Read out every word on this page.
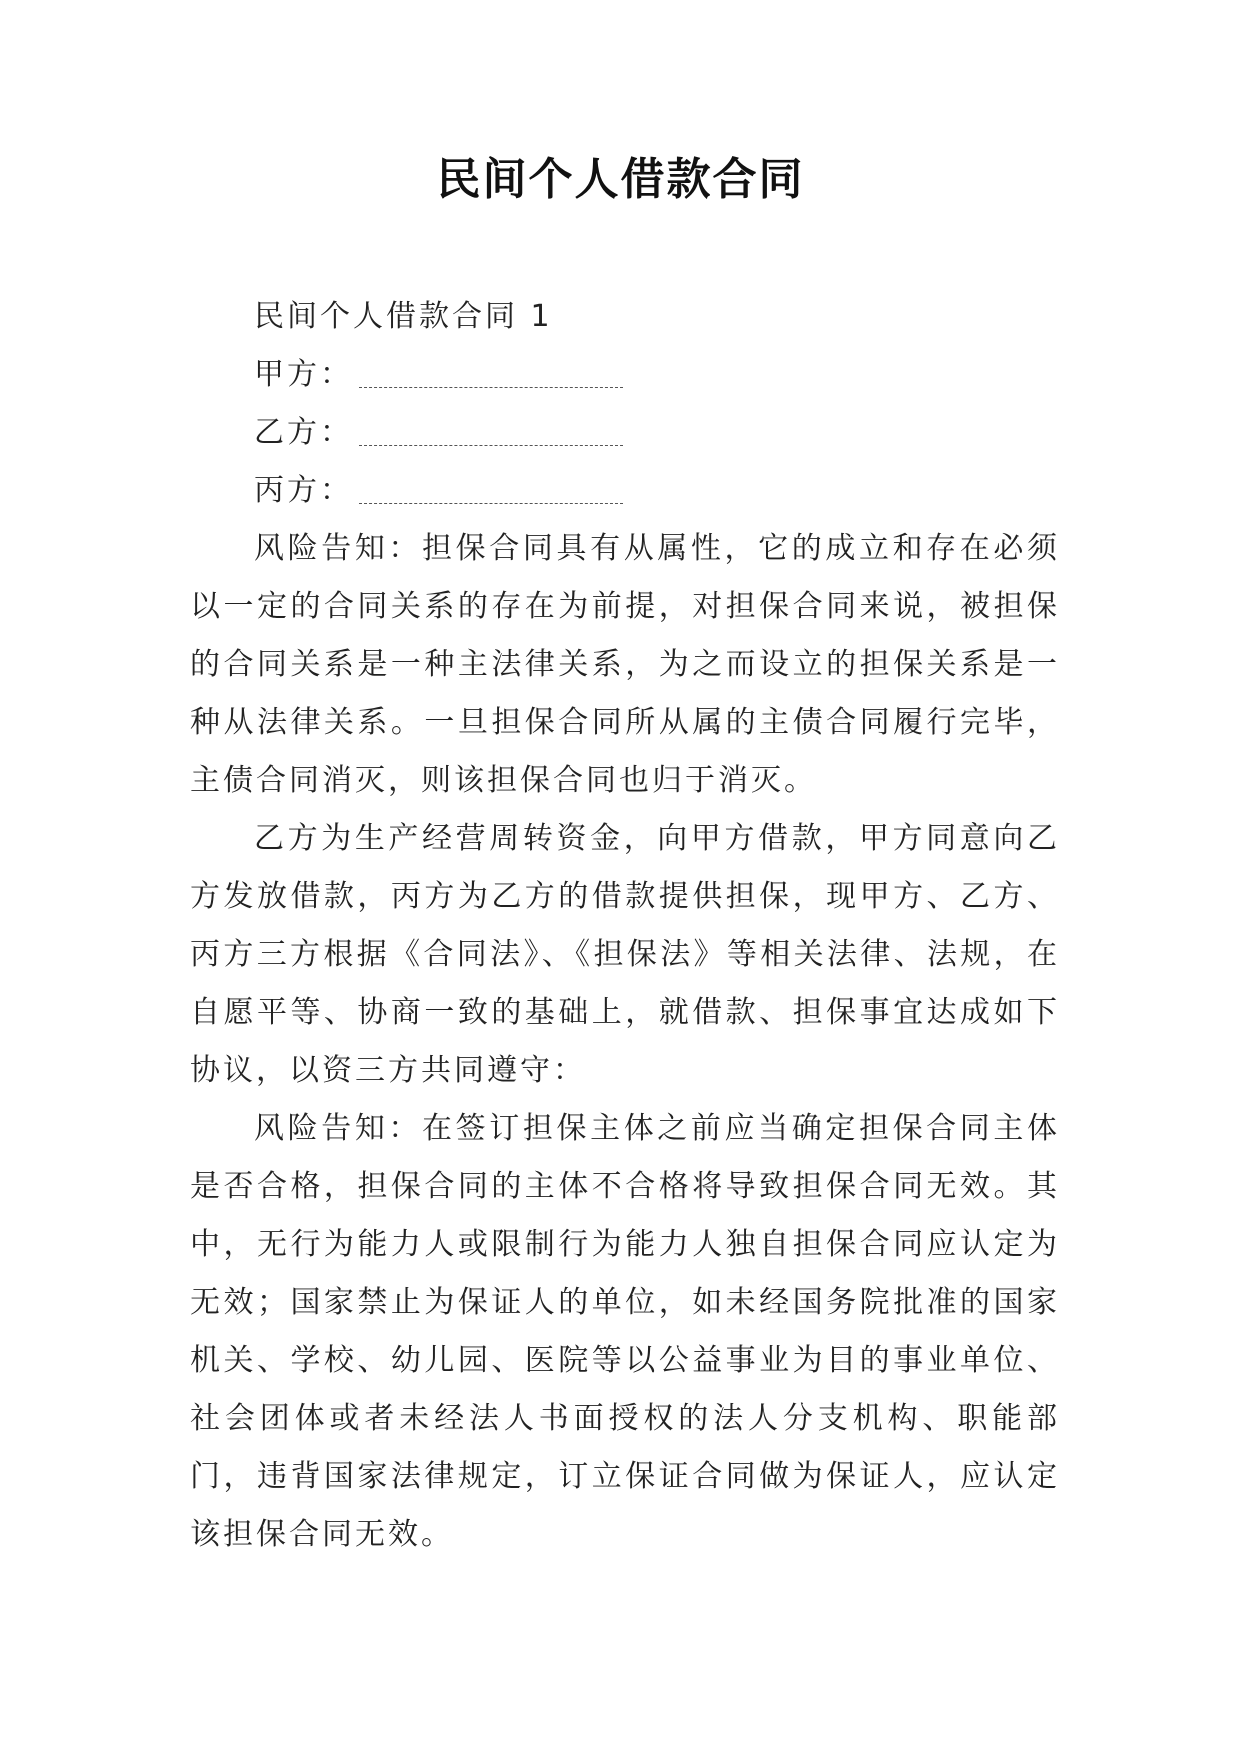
民间个人借款合同
民间个人借款合同 1
甲方：
乙方：
丙方：

风险告知：担保合同具有从属性，它的成立和存在必须以一定的合同关系的存在为前提，对担保合同来说，被担保的合同关系是一种主法律关系，为之而设立的担保关系是一种从法律关系。一旦担保合同所从属的主债合同履行完毕，主债合同消灭，则该担保合同也归于消灭。

乙方为生产经营周转资金，向甲方借款，甲方同意向乙方发放借款，丙方为乙方的借款提供担保，现甲方、乙方、丙方三方根据《合同法》、《担保法》等相关法律、法规，在自愿平等、协商一致的基础上，就借款、担保事宜达成如下协议，以资三方共同遵守：

风险告知：在签订担保主体之前应当确定担保合同主体是否合格，担保合同的主体不合格将导致担保合同无效。其中，无行为能力人或限制行为能力人独自担保合同应认定为无效；国家禁止为保证人的单位，如未经国务院批准的国家机关、学校、幼儿园、医院等以公益事业为目的事业单位、社会团体或者未经法人书面授权的法人分支机构、职能部门，违背国家法律规定，订立保证合同做为保证人，应认定该担保合同无效。
